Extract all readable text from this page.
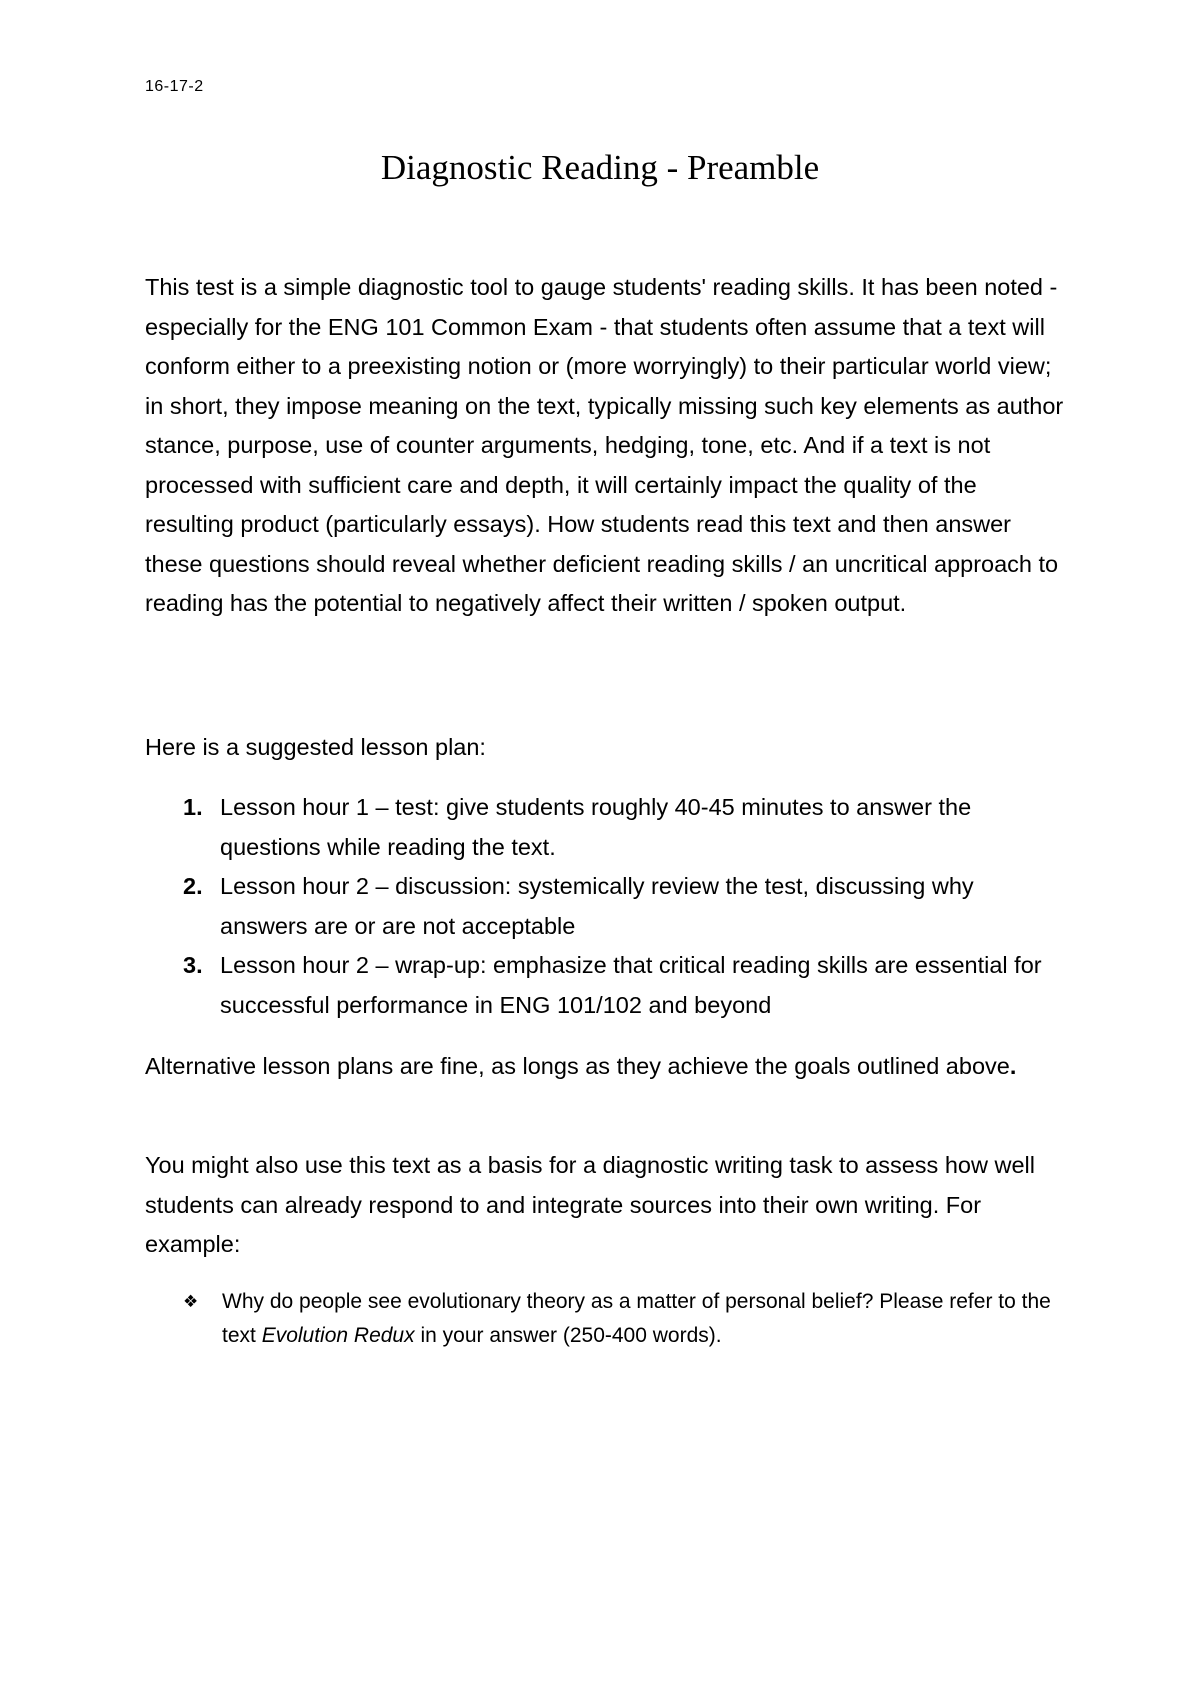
16-17-2
Diagnostic Reading - Preamble

This test is a simple diagnostic tool to gauge students' reading skills. It has been noted - especially for the ENG 101 Common Exam - that students often assume that a text will conform either to a preexisting notion or (more worryingly) to their particular world view; in short, they impose meaning on the text, typically missing such key elements as author stance, purpose, use of counter arguments, hedging, tone, etc. And if a text is not processed with sufficient care and depth, it will certainly impact the quality of the resulting product (particularly essays). How students read this text and then answer these questions should reveal whether deficient reading skills / an uncritical approach to reading has the potential to negatively affect their written / spoken output.

Here is a suggested lesson plan:

1. Lesson hour 1 – test: give students roughly 40-45 minutes to answer the questions while reading the text.
2. Lesson hour 2 – discussion: systemically review the test, discussing why answers are or are not acceptable
3. Lesson hour 2 – wrap-up: emphasize that critical reading skills are essential for successful performance in ENG 101/102 and beyond

Alternative lesson plans are fine, as longs as they achieve the goals outlined above.

You might also use this text as a basis for a diagnostic writing task to assess how well students can already respond to and integrate sources into their own writing. For example:

❖ Why do people see evolutionary theory as a matter of personal belief? Please refer to the text Evolution Redux in your answer (250-400 words).
